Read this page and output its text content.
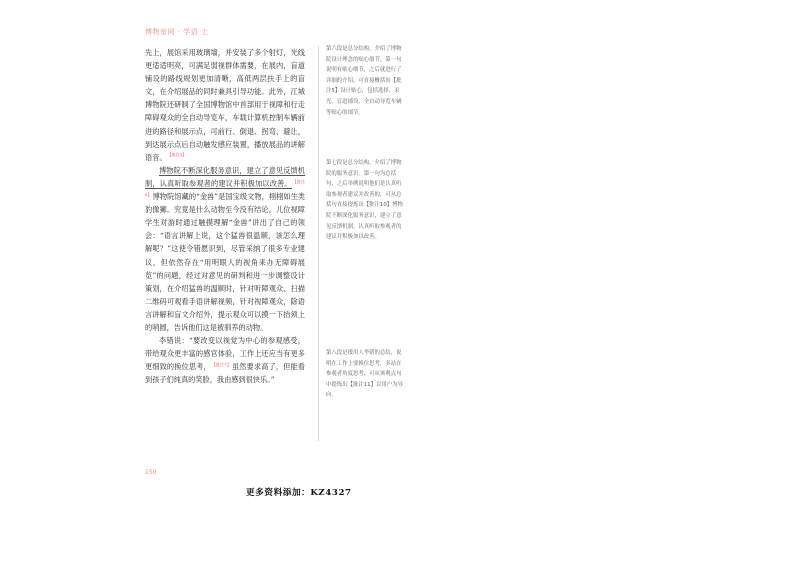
博物室网 · 学语 上

先上，展馆采用玻璃墙，并安装了多个射灯，光线更适适明亮，可满足弱视群体需要，在展内，盲道铺设的路线规划更加清晰，高低两层扶手上的盲文，在介绍展品的同时兼具引导功能。此外，江城博物院还研制了全国博物馆中首部用于视障和行走障碍观众的全自动导览车，车载计算机控制车辆前进的路径和展示点，可前行、倒退、拐弯、避让，到达展示点后自动触发感应装置，播放展品的讲解语音。$^{【批注5】}$

博物院不断深化服务意识，建立了意见反馈机制，认真听取参观者的建议并积极加以改善。$^{【批注6】}$博物院馆藏的“金兽”是国宝级文物，栩栩如生类豹像狮。究竟是什么动物至今没有结论。儿位视障学生对游时通过触摸理解“金兽”讲出了自己的领会：“语言讲解上说，这个猛兽很温顺，该怎么理解呢？”这使令错愿识到，尽管采纳了很多专业建议，但依然存在“用明眼人的视角来办无障碍展览”的问题，经过对意见的研判和进一步调整设计策划，在介绍猛兽的温顺时，针对听障观众、扫描二维码可观看手语讲解视频，针对视障观众，除语言讲解和盲文介绍外，提示观众可以摸一下抬须上的哨圆，告诉他们这是被驯养的动物。

李错说：“要改变以视觉为中心的参观感受，带给观众更丰富的感官体验，工作上还应当有更多更细致的换位思考，$^{【批注7】}$虽然要求高了，但能看到孩子们纯真的笑脸，我由感到很快乐。”

第六段是总分结构，介绍了博物院设计理念的贴心细节。第一句说明有贴心细节，之后就进行了详细的介绍，可直接概括出【批注5】设计贴心，包括选择、采光、盲道铺设、全自动导览车辆等贴心的细节。
第七段是总分结构，介绍了博物院的服务意识。第一句为总括句，之后举例说明他们是认真听取参观者建议并改善的，可从总括句直接提炼出【批注10】博物院不断深化服务意识，建立了意见反馈机制，认真听取参观者的建议并积极加以改善。
第八段是援用人李错的总结，说明在工作上要换位思考，多站在参观者角度思考，可从该观点句中提炼出【批注11】以用户为导向。
150
更多资料添加：KZ4327
